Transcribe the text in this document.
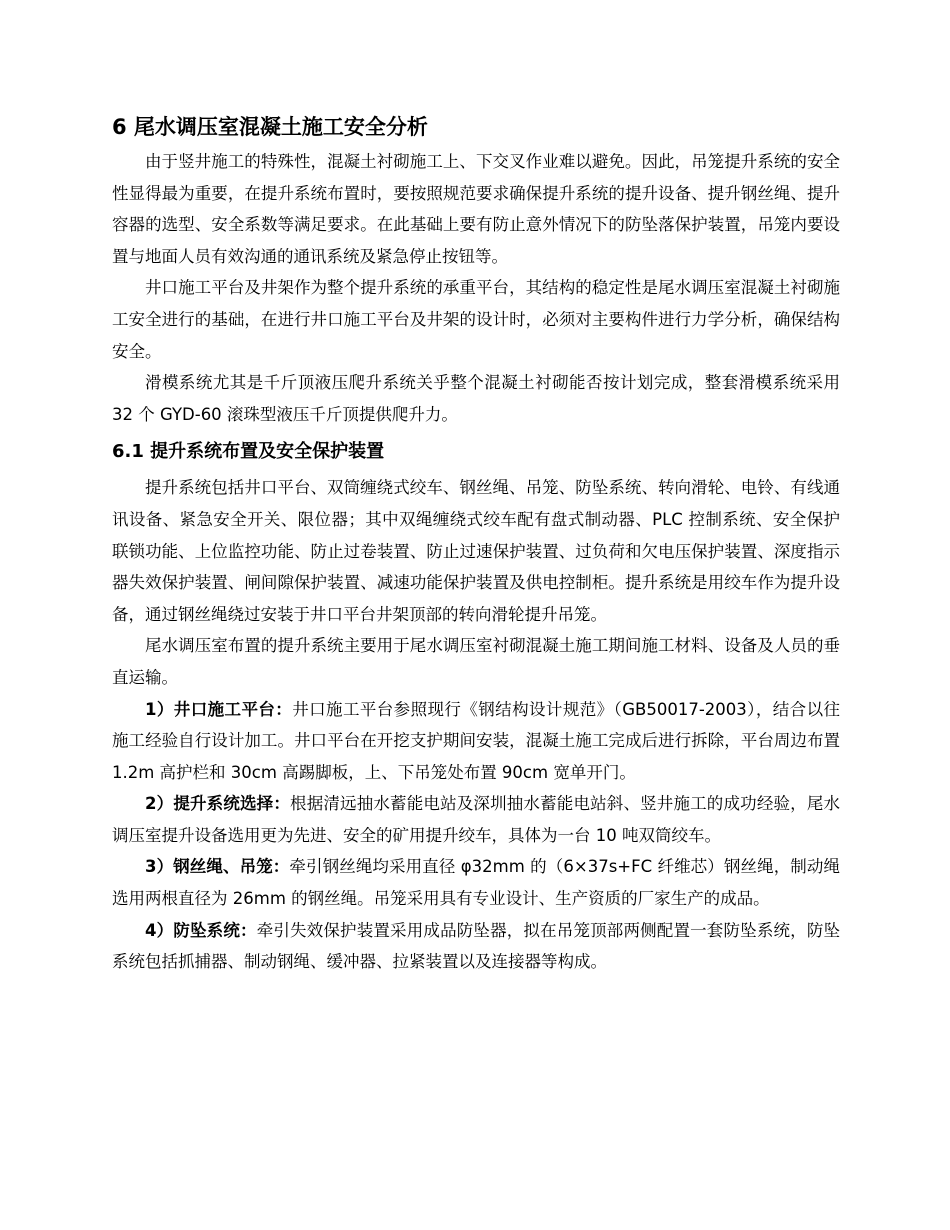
6 尾水调压室混凝土施工安全分析

由于竖井施工的特殊性，混凝土衬砌施工上、下交叉作业难以避免。因此，吊笼提升系统的安全性显得最为重要，在提升系统布置时，要按照规范要求确保提升系统的提升设备、提升钢丝绳、提升容器的选型、安全系数等满足要求。在此基础上要有防止意外情况下的防坠落保护装置，吊笼内要设置与地面人员有效沟通的通讯系统及紧急停止按钮等。

井口施工平台及井架作为整个提升系统的承重平台，其结构的稳定性是尾水调压室混凝土衬砌施工安全进行的基础，在进行井口施工平台及井架的设计时，必须对主要构件进行力学分析，确保结构安全。

滑模系统尤其是千斤顶液压爬升系统关乎整个混凝土衬砌能否按计划完成，整套滑模系统采用 32 个 GYD-60 滚珠型液压千斤顶提供爬升力。

6.1 提升系统布置及安全保护装置

提升系统包括井口平台、双筒缠绕式绞车、钢丝绳、吊笼、防坠系统、转向滑轮、电铃、有线通讯设备、紧急安全开关、限位器；其中双绳缠绕式绞车配有盘式制动器、PLC 控制系统、安全保护联锁功能、上位监控功能、防止过卷装置、防止过速保护装置、过负荷和欠电压保护装置、深度指示器失效保护装置、闸间隙保护装置、减速功能保护装置及供电控制柜。提升系统是用绞车作为提升设备，通过钢丝绳绕过安装于井口平台井架顶部的转向滑轮提升吊笼。

尾水调压室布置的提升系统主要用于尾水调压室衬砌混凝土施工期间施工材料、设备及人员的垂直运输。

1）井口施工平台：井口施工平台参照现行《钢结构设计规范》（GB50017-2003），结合以往施工经验自行设计加工。井口平台在开挖支护期间安装，混凝土施工完成后进行拆除，平台周边布置 1.2m 高护栏和 30cm 高踢脚板，上、下吊笼处布置 90cm 宽单开门。

2）提升系统选择：根据清远抽水蓄能电站及深圳抽水蓄能电站斜、竖井施工的成功经验，尾水调压室提升设备选用更为先进、安全的矿用提升绞车，具体为一台 10 吨双筒绞车。

3）钢丝绳、吊笼：牵引钢丝绳均采用直径 φ32mm 的（6×37s+FC 纤维芯）钢丝绳，制动绳选用两根直径为 26mm 的钢丝绳。吊笼采用具有专业设计、生产资质的厂家生产的成品。

4）防坠系统：牵引失效保护装置采用成品防坠器，拟在吊笼顶部两侧配置一套防坠系统，防坠系统包括抓捕器、制动钢绳、缓冲器、拉紧装置以及连接器等构成。
